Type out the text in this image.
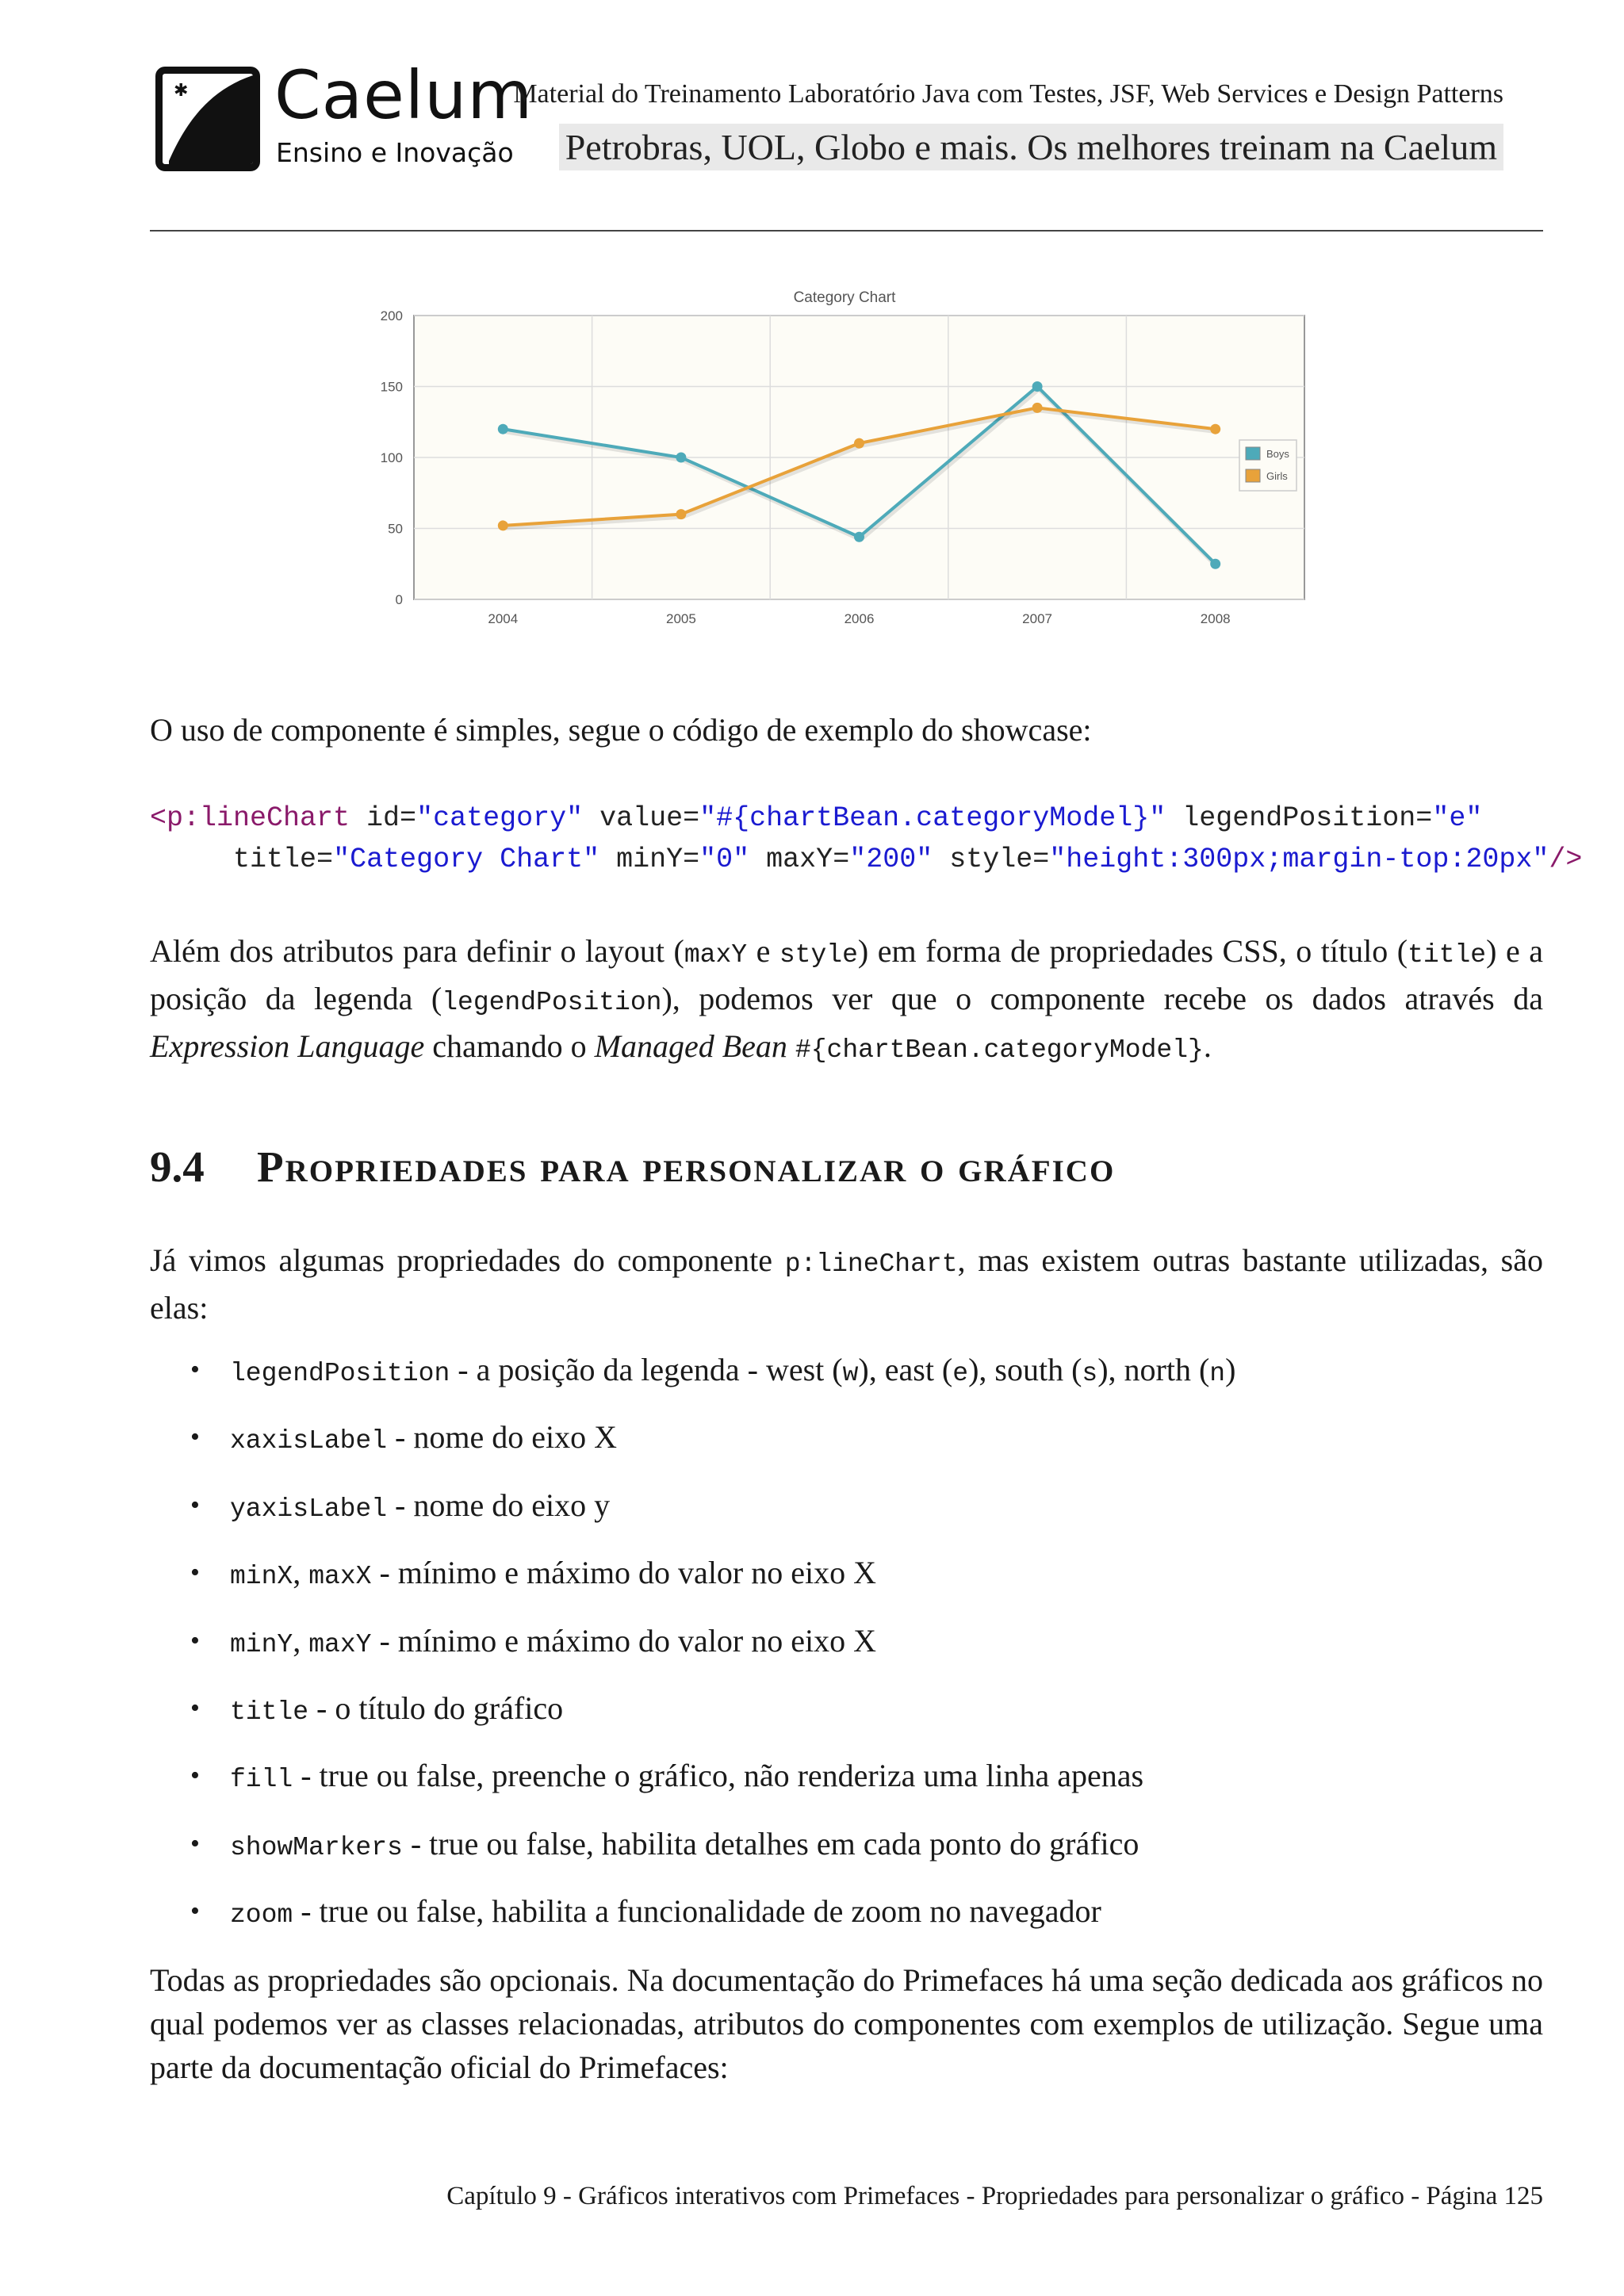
✱ Caelum
Ensino e Inovação
Material do Treinamento Laboratório Java com Testes, JSF, Web Services e Design Patterns
Petrobras, UOL, Globo e mais. Os melhores treinam na Caelum
Category Chart
0
50
100
150
200
2004	2005	2006	2007	2008
Boys
Girls
O uso de componente é simples, segue o código de exemplo do showcase:
<p:lineChart id="category" value="#{chartBean.categoryModel}" legendPosition="e"
title="Category Chart" minY="0" maxY="200" style="height:300px;margin-top:20px"/>
Além dos atributos para definir o layout (maxY e style) em forma de propriedades CSS, o título (title) e a posição da legenda (legendPosition), podemos ver que o componente recebe os dados através da Expression Language chamando o Managed Bean #{chartBean.categoryModel}.
9.4 Propriedades para personalizar o gráfico
Já vimos algumas propriedades do componente p:lineChart, mas existem outras bastante utilizadas, são elas:
• legendPosition - a posição da legenda - west (w), east (e), south (s), north (n)
• xaxisLabel - nome do eixo X
• yaxisLabel - nome do eixo y
• minX, maxX - mínimo e máximo do valor no eixo X
• minY, maxY - mínimo e máximo do valor no eixo X
• title - o título do gráfico
• fill - true ou false, preenche o gráfico, não renderiza uma linha apenas
• showMarkers - true ou false, habilita detalhes em cada ponto do gráfico
• zoom - true ou false, habilita a funcionalidade de zoom no navegador
Todas as propriedades são opcionais. Na documentação do Primefaces há uma seção dedicada aos gráficos no qual podemos ver as classes relacionadas, atributos do componentes com exemplos de utilização. Segue uma parte da documentação oficial do Primefaces:
Capítulo 9 - Gráficos interativos com Primefaces - Propriedades para personalizar o gráfico - Página 125
